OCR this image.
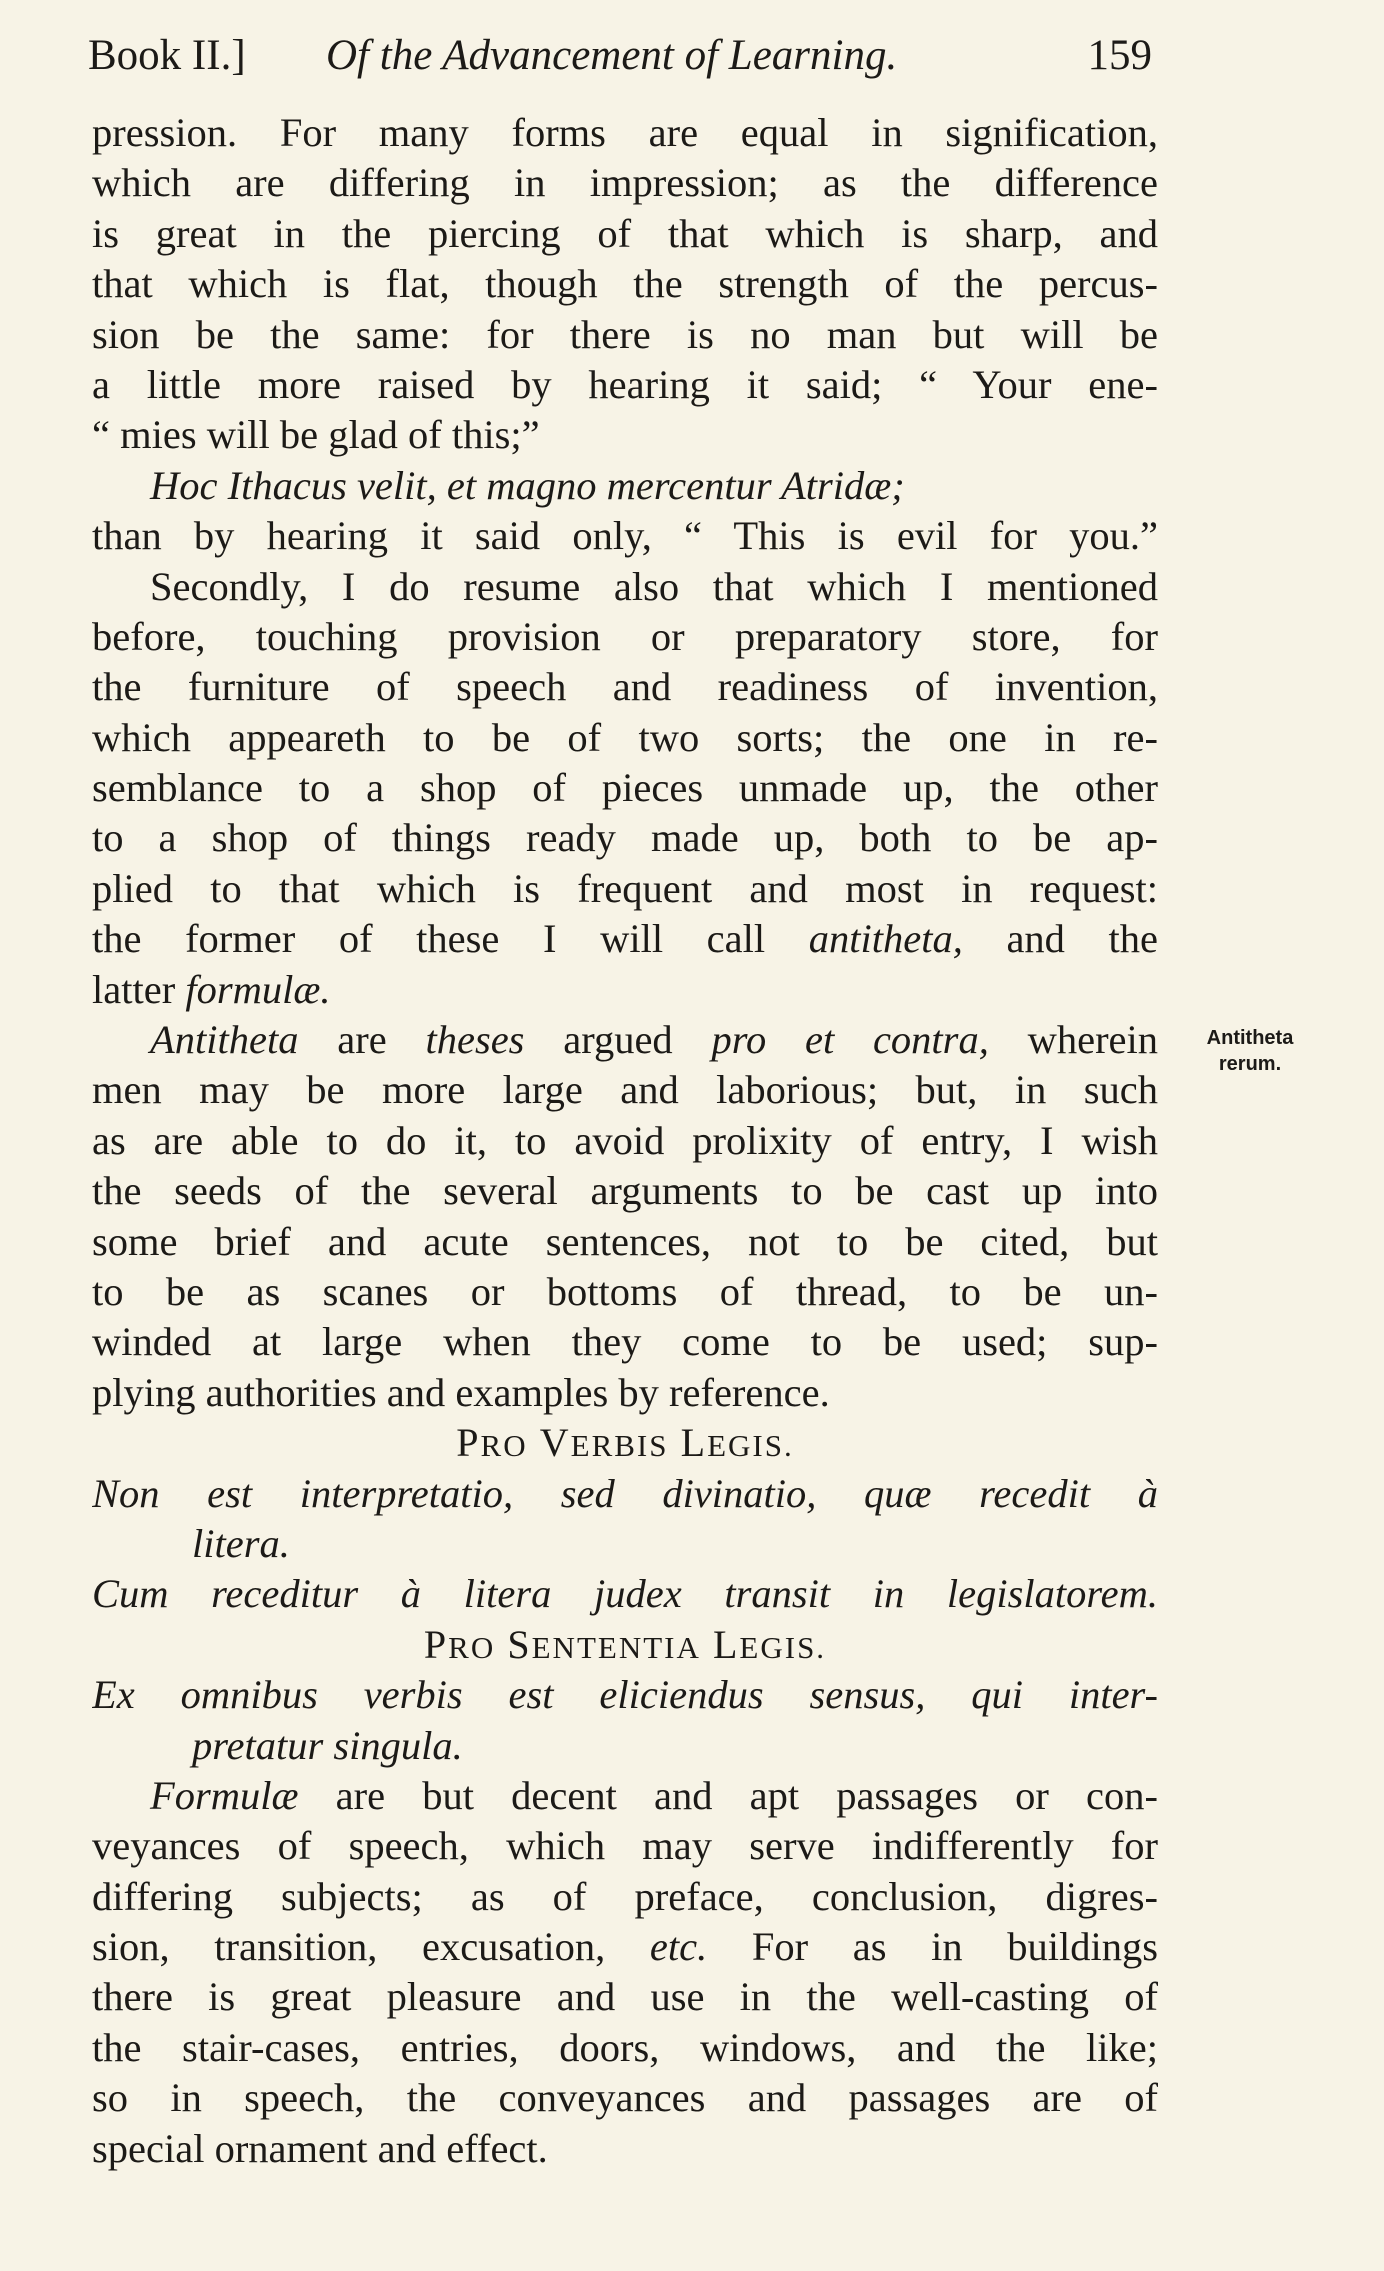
Book II.] Of the Advancement of Learning.	159
pression. For many forms are equal in signification,
which are differing in impression; as the difference
is great in the piercing of that which is sharp, and
that which is flat, though the strength of the percus-
sion be the same: for there is no man but will be
a little more raised by hearing it said; “ Your ene-
“ mies will be glad of this;”
Hoc Ithacus velit, et magno mercentur Atridæ;
than by hearing it said only, “ This is evil for you.”
Secondly, I do resume also that which I mentioned
before, touching provision or preparatory store, for
the furniture of speech and readiness of invention,
which appeareth to be of two sorts; the one in re-
semblance to a shop of pieces unmade up, the other
to a shop of things ready made up, both to be ap-
plied to that which is frequent and most in request:
the former of these I will call antitheta, and the
latter formulæ.
Antitheta are theses argued pro et contra, wherein
men may be more large and laborious; but, in such
as are able to do it, to avoid prolixity of entry, I wish
the seeds of the several arguments to be cast up into
some brief and acute sentences, not to be cited, but
to be as scanes or bottoms of thread, to be un-
winded at large when they come to be used; sup-
plying authorities and examples by reference.
PRO VERBIS LEGIS.
Non est interpretatio, sed divinatio, quæ recedit à
litera.
Cum receditur à litera judex transit in legislatorem.
PRO SENTENTIA LEGIS.
Ex omnibus verbis est eliciendus sensus, qui inter-
pretatur singula.
Formulæ are but decent and apt passages or con-
veyances of speech, which may serve indifferently for
differing subjects; as of preface, conclusion, digres-
sion, transition, excusation, etc. For as in buildings
there is great pleasure and use in the well-casting of
the stair-cases, entries, doors, windows, and the like;
so in speech, the conveyances and passages are of
special ornament and effect.
Antitheta
rerum.
